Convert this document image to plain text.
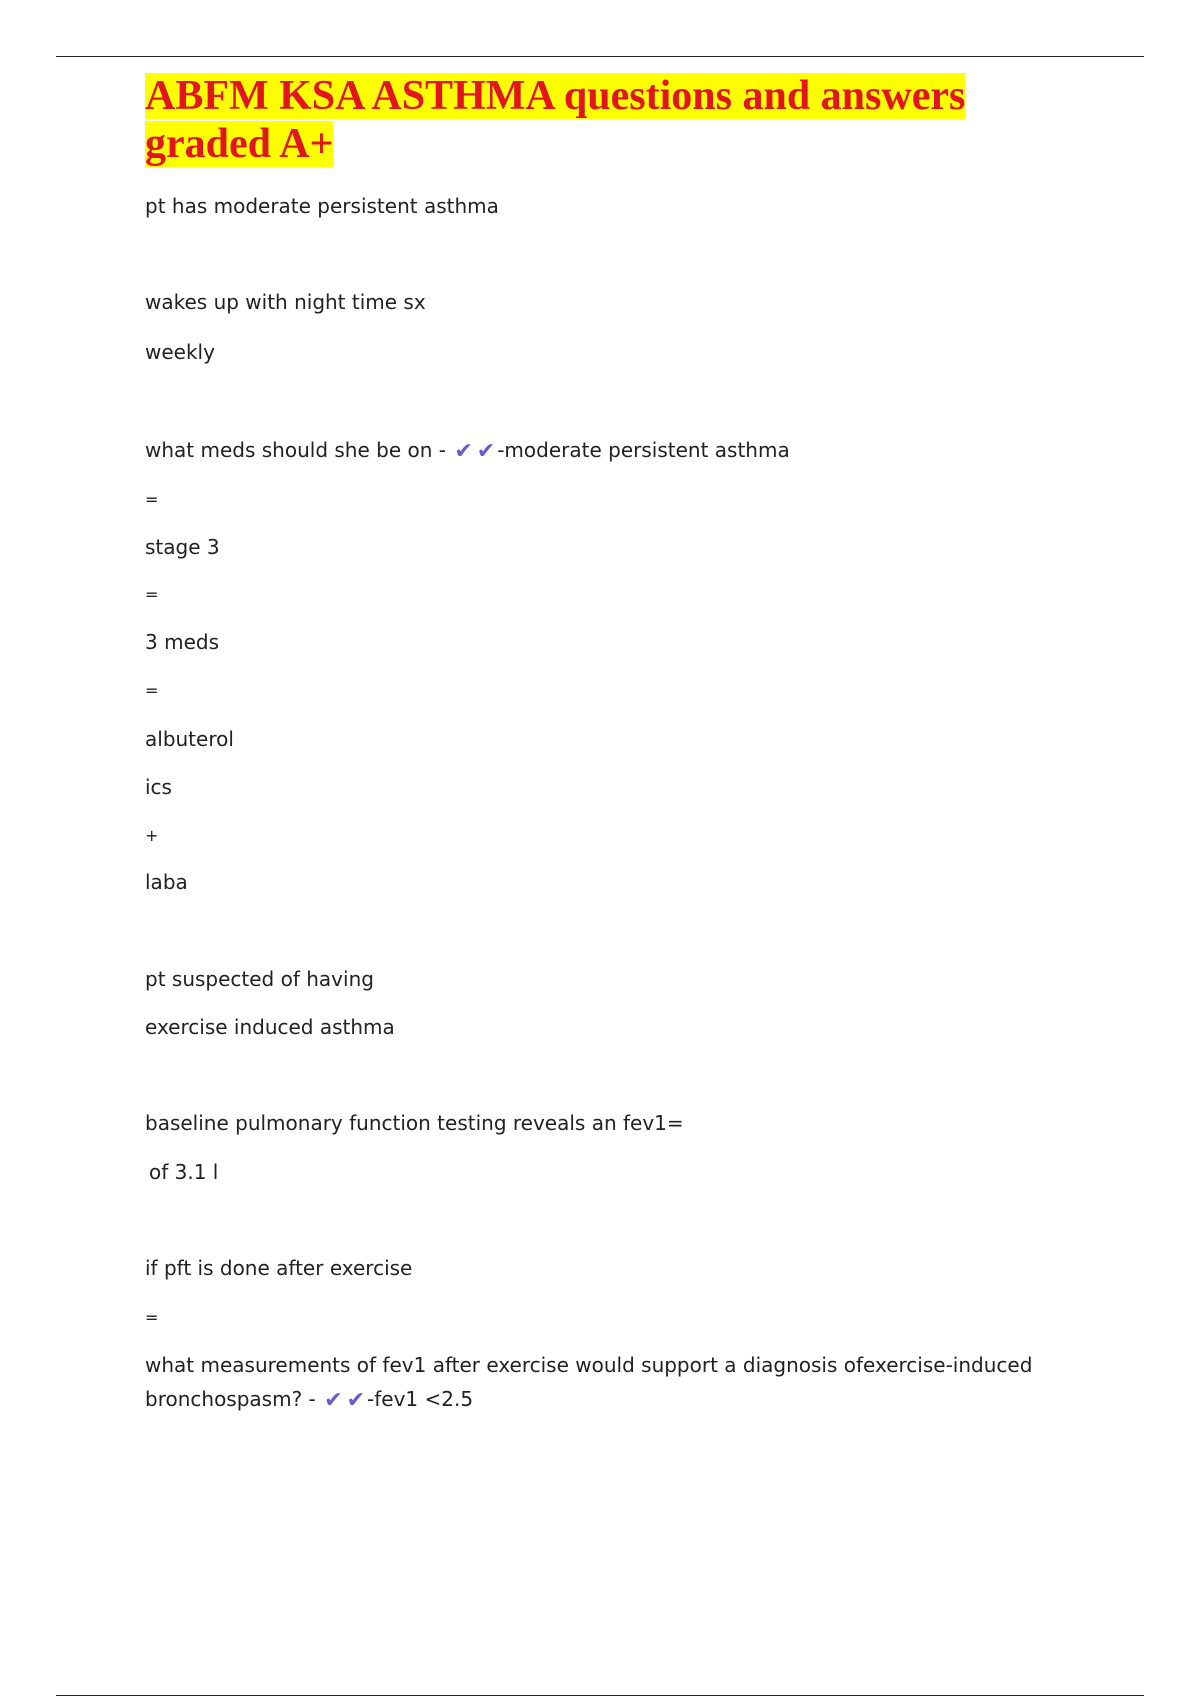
ABFM KSA ASTHMA questions and answers graded A+

pt has moderate persistent asthma

wakes up with night time sx

weekly

what meds should she be on - ✔ ✔ -moderate persistent asthma

=

stage 3

=

3 meds

=

albuterol

ics

+

laba

pt suspected of having

exercise induced asthma

baseline pulmonary function testing reveals an fev1=

of 3.1 l

if pft is done after exercise

=

what measurements of fev1 after exercise would support a diagnosis ofexercise-induced bronchospasm? - ✔ ✔ -fev1 <2.5
